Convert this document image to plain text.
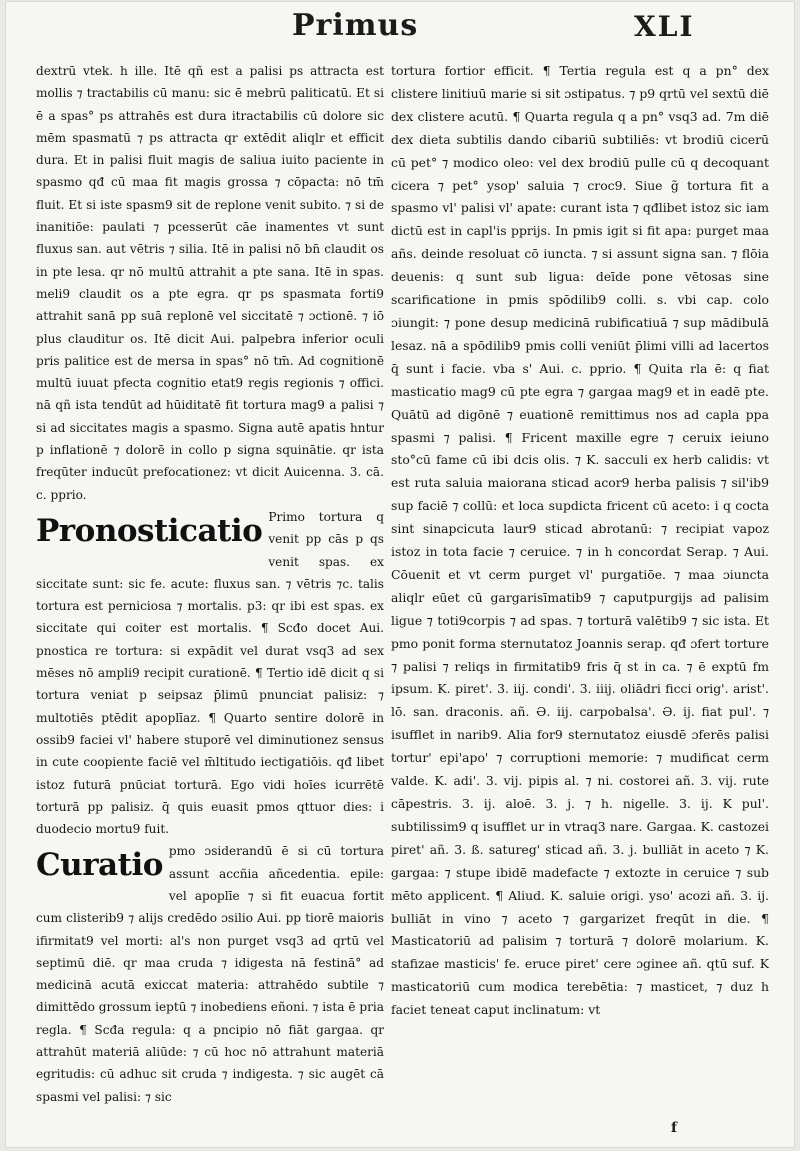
Primus	XLI

dextrū vtek. h ille. Itē qñ est a palisi ps attracta est mollis ⁊ tractabilis cū manu: sic ē mebrū paliticatū. Et si ē a spas° ps attrahēs est dura itractabilis cū dolore sic mēm spasmatū ⁊ ps attracta qr extēdit aliqlr et efficit dura. Et in palisi fluit magis de saliua iuito paciente in spasmo qđ cū maa fit magis grossa ⁊ cōpacta: nō tm̄ fluit. Et si iste spasm9 sit de replone venit subito. ⁊ si de inanitiōe: paulati ⁊ pcesserūt cāe inamentes vt sunt fluxus san. aut vētris ⁊ silia. Itē in palisi nō bn̄ claudit os in pte lesa. qr nō multū attrahit a pte sana. Itē in spas. meli9 claudit os a pte egra. qr ps spasmata forti9 attrahit sanā pp suā replonē vel siccitatē ⁊ ɔctionē. ⁊ iō plus clauditur os. Itē dicit Aui. palpebra inferior oculi pris palitice est de mersa in spas° nō tm̄. Ad cognitionē multū iuuat pfecta cognitio etat9 regis regionis ⁊ offici. nā qñ ista tendūt ad hūiditatē fit tortura mag9 a palisi ⁊ si ad siccitates magis a spasmo. Signa autē apatis hntur p inflationē ⁊ dolorē in collo p signa squinātie. qr ista freqūter inducūt prefocationez: vt dicit Auicenna. 3. cā. c. pprio.

Pronosticatio Primo tortura q venit pp cās p qs venit spas. ex siccitate sunt: sic fe. acute: fluxus san. ⁊ vētris ⁊c. talis tortura est perniciosa ⁊ mortalis. p3: qr ibi est spas. ex siccitate qui coiter est mortalis. ¶ Scđo docet Aui. pnostica re tortura: si expādit vel durat vsq3 ad sex mēses nō ampli9 recipit curationē. ¶ Tertio idē dicit q si tortura veniat p seipsaz p̄limū pnunciat palisiz: ⁊ multotiēs ptēdit apoplīaz. ¶ Quarto sentire dolorē in ossib9 faciei vl' habere stuporē vel diminutionez sensus in cute coopiente faciē vel m̄ltitudo iectigatiōis. qđ libet istoz futurā pnūciat torturā. Ego vidi hoīes icurrētē torturā pp palisiz. q̄ quis euasit pmos qttuor dies: i duodecio mortu9 fuit.

Curatio pmo ɔsiderandū ē si cū tortura assunt accñia añcedentia. epile: vel apoplīe ⁊ si fit euacua fortit cum clisterib9 ⁊ alijs credēdo ɔsilio Aui. pp tiorē maioris ifirmitat9 vel morti: al's non purget vsq3 ad qrtū vel septimū diē. qr maa cruda ⁊ idigesta nā festinā° ad medicinā acutā exiccat materia: attrahēdo subtile ⁊ dimittēdo grossum ieptū ⁊ inobediens eñoni. ⁊ ista ē pria regla. ¶ Scđa regula: q a pncipio nō fiāt gargaa. qr attrahūt materiā aliūde: ⁊ cū hoc nō attrahunt materiā egritudis: cū adhuc sit cruda ⁊ indigesta. ⁊ sic augēt cā spasmi vel palisi: ⁊ sic

tortura fortior efficit. ¶ Tertia regula est q a pn° dex clistere linitiuū marie si sit ɔstipatus. ⁊ p9 qrtū vel sextū diē dex clistere acutū. ¶ Quarta regula q a pn° vsq3 ad. 7m diē dex dieta subtilis dando cibariū subtiliēs: vt brodiū cicerū cū pet° ⁊ modico oleo: vel dex brodiū pulle cū q decoquant cicera ⁊ pet° ysop' saluia ⁊ croc9. Siue g̃ tortura fit a spasmo vl' palisi vl' apate: curant ista ⁊ qđlibet istoz sic iam dictū est in capl'is pprijs. In pmis igit si fit apa: purget maa añs. deinde resoluat cō iuncta. ⁊ si assunt signa san. ⁊ flōia deuenis: q sunt sub ligua: deīde pone vētosas sine scarificatione in pmis spōdilib9 colli. s. vbi cap. colo ɔiungit: ⁊ pone desup medicinā rubificatiuā ⁊ sup mādibulā lesaz. nā a spōdilib9 pmis colli veniūt p̄limi villi ad lacertos q̄ sunt i facie. vba s' Aui. c. pprio. ¶ Quita rla ē: q fiat masticatio mag9 cū pte egra ⁊ gargaa mag9 et in eadē pte. Quātū ad digōnē ⁊ euationē remittimus nos ad capla ppa spasmi ⁊ palisi. ¶ Fricent maxille egre ⁊ ceruix ieiuno sto°cū fame cū ibi dcis olis. ⁊ K. sacculi ex herb calidis: vt est ruta saluia maiorana sticad acor9 herba palisis ⁊ sil'ib9 sup faciē ⁊ collū: et loca supdicta fricent cū aceto: i q cocta sint sinapcicuta laur9 sticad abrotanū: ⁊ recipiat vapoz istoz in tota facie ⁊ ceruice. ⁊ in h concordat Serap. ⁊ Aui. Cōuenit et vt cerm purget vl' purgatiōe. ⁊ maa ɔiuncta aliqlr eūet cū gargarisīmatib9 ⁊ caputpurgijs ad palisim ligue ⁊ toti9corpis ⁊ ad spas. ⁊ torturā valētib9 ⁊ sic ista. Et pmo ponit forma sternutatoz Joannis serap. qđ ɔfert torture ⁊ palisi ⁊ reliqs in firmitatib9 fris q̄ st in ca. ⁊ ē exptū fm ipsum. K. piret'. 3. iij. condi'. 3. iiij. oliādri ficci orig'. arist'. lō. san. draconis. añ. Ə. iij. carpobalsa'. Ə. ij. fiat pul'. ⁊ isufflet in narib9. Alia for9 sternutatoz eiusdē ɔferēs palisi tortur' epi'apo' ⁊ corruptioni memorie: ⁊ mudificat cerm valde. K. adi'. 3. vij. pipis al. ⁊ ni. costorei añ. 3. vij. rute cāpestris. 3. ij. aloē. 3. j. ⁊ h. nigelle. 3. ij. K pul'. subtilissim9 q isufflet ur in vtraq3 nare. Gargaa. K. castozei piret' añ. 3. ß. satureg' sticad añ. 3. j. bulliāt in aceto ⁊ K. gargaa: ⁊ stupe ibidē madefacte ⁊ extozte in ceruice ⁊ sub mēto applicent. ¶ Aliud. K. saluie origi. yso' acozi añ. 3. ij. bulliāt in vino ⁊ aceto ⁊ gargarizet freqūt in die. ¶ Masticatoriū ad palisim ⁊ torturā ⁊ dolorē molarium. K. stafizae masticis' fe. eruce piret' cere ɔginee añ. qtū suf. K masticatoriū cum modica terebētia: ⁊ masticet, ⁊ duz h faciet teneat caput inclinatum: vt

f
